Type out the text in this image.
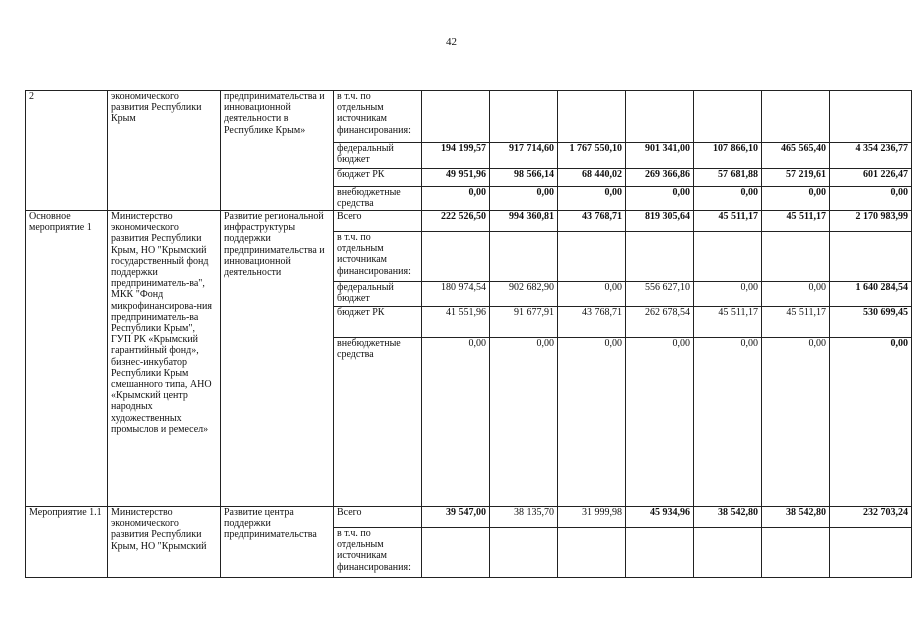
42
2	экономического развития Республики Крым	предпринимательства и инновационной деятельности в Республике Крым»	в т.ч. по отдельным источникам финансирования:							
			федеральный бюджет	194 199,57	917 714,60	1 767 550,10	901 341,00	107 866,10	465 565,40	4 354 236,77
			бюджет РК	49 951,96	98 566,14	68 440,02	269 366,86	57 681,88	57 219,61	601 226,47
			внебюджетные средства	0,00	0,00	0,00	0,00	0,00	0,00	0,00
Основное мероприятие 1	Министерство экономического развития Республики Крым, НО "Крымский государственный фонд поддержки предприниматель-ва", МКК "Фонд микрофинансирова-ния предприниматель-ва Республики Крым", ГУП РК «Крымский гарантийный фонд», бизнес-инкубатор Республики Крым смешанного типа, АНО «Крымский центр народных художественных промыслов и ремесел»	Развитие региональной инфраструктуры поддержки предпринимательства и инновационной деятельности	Всего	222 526,50	994 360,81	43 768,71	819 305,64	45 511,17	45 511,17	2 170 983,99
			в т.ч. по отдельным источникам финансирования:							
			федеральный бюджет	180 974,54	902 682,90	0,00	556 627,10	0,00	0,00	1 640 284,54
			бюджет РК	41 551,96	91 677,91	43 768,71	262 678,54	45 511,17	45 511,17	530 699,45
			внебюджетные средства	0,00	0,00	0,00	0,00	0,00	0,00	0,00
Мероприятие 1.1	Министерство экономического развития Республики Крым, НО "Крымский	Развитие центра поддержки предпринимательства	Всего	39 547,00	38 135,70	31 999,98	45 934,96	38 542,80	38 542,80	232 703,24
			в т.ч. по отдельным источникам финансирования:							
